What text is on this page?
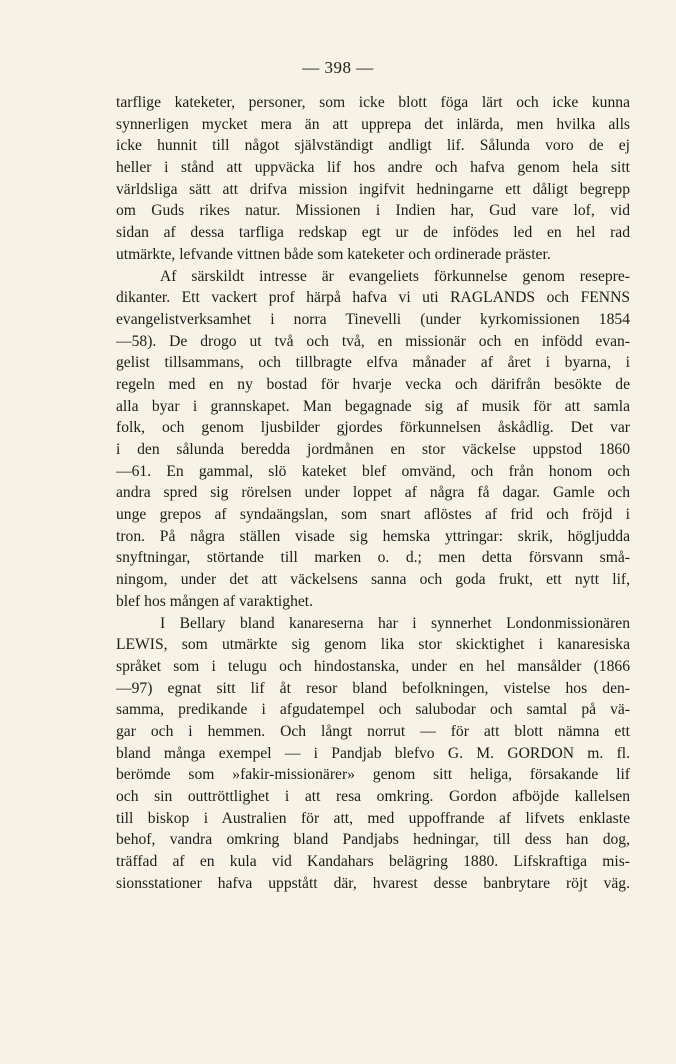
— 398 —
tarflige kateketer, personer, som icke blott föga lärt och icke kunna
synnerligen mycket mera än att upprepa det inlärda, men hvilka alls
icke hunnit till något självständigt andligt lif. Sålunda voro de ej
heller i stånd att uppväcka lif hos andre och hafva genom hela sitt
världsliga sätt att drifva mission ingifvit hedningarne ett dåligt begrepp
om Guds rikes natur. Missionen i Indien har, Gud vare lof, vid
sidan af dessa tarfliga redskap egt ur de infödes led en hel rad
utmärkte, lefvande vittnen både som kateketer och ordinerade präster.
Af särskildt intresse är evangeliets förkunnelse genom resepre-
dikanter. Ett vackert prof härpå hafva vi uti RAGLANDS och FENNS
evangelistverksamhet i norra Tinevelli (under kyrkomissionen 1854
—58). De drogo ut två och två, en missionär och en infödd evan-
gelist tillsammans, och tillbragte elfva månader af året i byarna, i
regeln med en ny bostad för hvarje vecka och därifrån besökte de
alla byar i grannskapet. Man begagnade sig af musik för att samla
folk, och genom ljusbilder gjordes förkunnelsen åskådlig. Det var
i den sålunda beredda jordmånen en stor väckelse uppstod 1860
—61. En gammal, slö kateket blef omvänd, och från honom och
andra spred sig rörelsen under loppet af några få dagar. Gamle och
unge grepos af syndaängslan, som snart aflöstes af frid och fröjd i
tron. På några ställen visade sig hemska yttringar: skrik, högljudda
snyftningar, störtande till marken o. d.; men detta försvann små-
ningom, under det att väckelsens sanna och goda frukt, ett nytt lif,
blef hos mången af varaktighet.
I Bellary bland kanareserna har i synnerhet Londonmissionären
LEWIS, som utmärkte sig genom lika stor skicktighet i kanaresiska
språket som i telugu och hindostanska, under en hel mansålder (1866
—97) egnat sitt lif åt resor bland befolkningen, vistelse hos den-
samma, predikande i afgudatempel och salubodar och samtal på vä-
gar och i hemmen. Och långt norrut — för att blott nämna ett
bland många exempel — i Pandjab blefvo G. M. GORDON m. fl.
berömde som »fakir-missionärer» genom sitt heliga, försakande lif
och sin outtröttlighet i att resa omkring. Gordon afböjde kallelsen
till biskop i Australien för att, med uppoffrande af lifvets enklaste
behof, vandra omkring bland Pandjabs hedningar, till dess han dog,
träffad af en kula vid Kandahars belägring 1880. Lifskraftiga mis-
sionsstationer hafva uppstått där, hvarest desse banbrytare röjt väg.
